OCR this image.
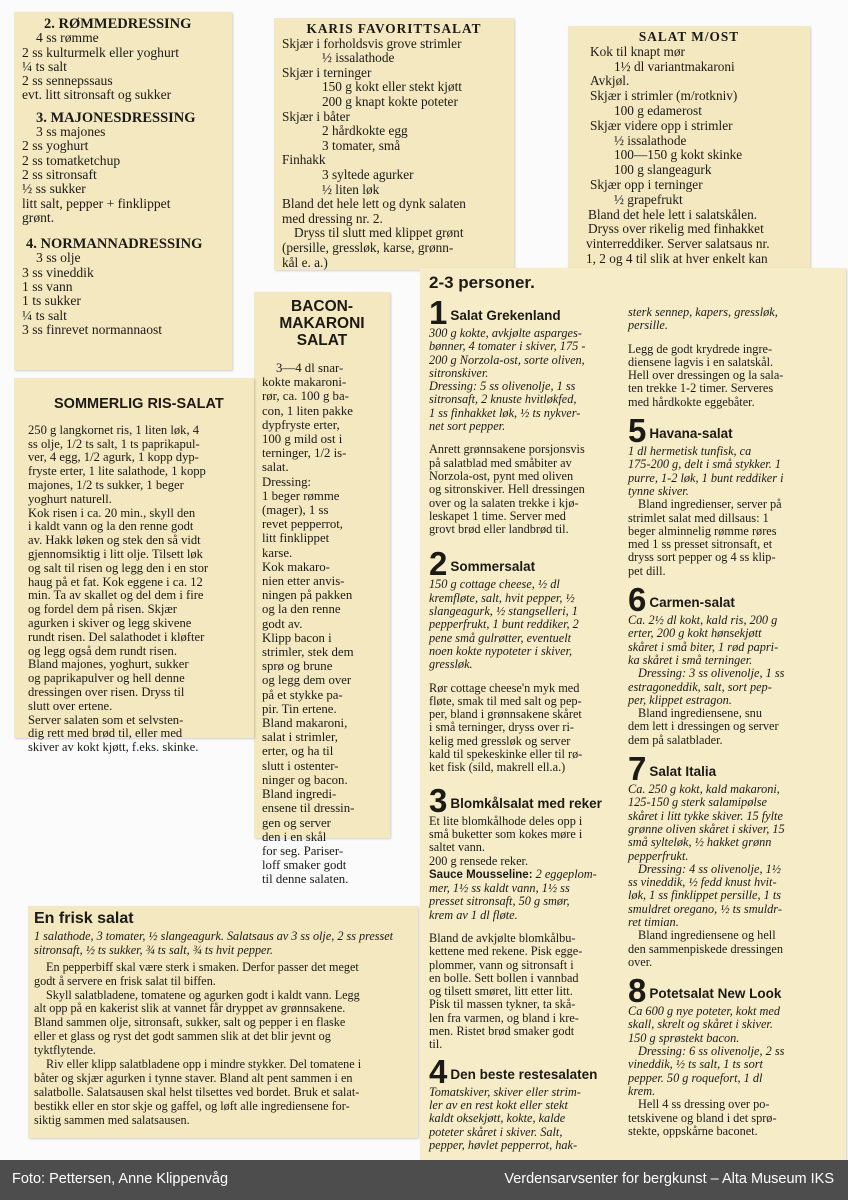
2. RØMMEDRESSING
4 ss rømme
2 ss kulturmelk eller yoghurt
¼ ts salt
2 ss sennepssaus
evt. litt sitronsaft og sukker
3. MAJONESDRESSING
3 ss majones
2 ss yoghurt
2 ss tomatketchup
2 ss sitronsaft
½ ss sukker
litt salt, pepper + finklippet
grønt.
4. NORMANNADRESSING
3 ss olje
3 ss vineddik
1 ss vann
1 ts sukker
¼ ts salt
3 ss finrevet normannaost
KARIS FAVORITTSALAT
Skjær i forholdsvis grove strimler
½ issalathode
Skjær i terninger
150 g kokt eller stekt kjøtt
200 g knapt kokte poteter
Skjær i båter
2 hårdkokte egg
3 tomater, små
Finhakk
3 syltede agurker
½ liten løk
Bland det hele lett og dynk salaten
med dressing nr. 2.
Dryss til slutt med klippet grønt
(persille, gressløk, karse, grønn-
kål e. a.)
SALAT M/OST
Kok til knapt mør
1½ dl variantmakaroni
Avkjøl.
Skjær i strimler (m/rotkniv)
100 g edamerost
Skjær videre opp i strimler
½ issalathode
100—150 g kokt skinke
100 g slangeagurk
Skjær opp i terninger
½ grapefrukt
Bland det hele lett i salatskålen.
Dryss over rikelig med finhakket
vinterreddiker. Server salatsaus nr.
1, 2 og 4 til slik at hver enkelt kan
BACON-
MAKARONI
SALAT
3—4 dl snar-
kokte makaroni-
rør, ca. 100 g ba-
con, 1 liten pakke
dypfryste erter,
100 g mild ost i
terninger, 1/2 is-
salat.
Dressing:
1 beger rømme
(mager), 1 ss
revet pepperrot,
litt finklippet
karse.
Kok makaro-
nien etter anvis-
ningen på pakken
og la den renne
godt av.
Klipp bacon i
strimler, stek dem
sprø og brune
og legg dem over
på et stykke pa-
pir. Tin ertene.
Bland makaroni,
salat i strimler,
erter, og ha til
slutt i ostenter-
ninger og bacon.
Bland ingredi-
ensene til dressin-
gen og server
den i en skål
for seg. Pariser-
loff smaker godt
til denne salaten.
SOMMERLIG RIS-SALAT
250 g langkornet ris, 1 liten løk, 4
ss olje, 1/2 ts salt, 1 ts paprikapul-
ver, 4 egg, 1/2 agurk, 1 kopp dyp-
fryste erter, 1 lite salathode, 1 kopp
majones, 1/2 ts sukker, 1 beger
yoghurt naturell.
Kok risen i ca. 20 min., skyll den
i kaldt vann og la den renne godt
av. Hakk løken og stek den så vidt
gjennomsiktig i litt olje. Tilsett løk
og salt til risen og legg den i en stor
haug på et fat. Kok eggene i ca. 12
min. Ta av skallet og del dem i fire
og fordel dem på risen. Skjær
agurken i skiver og legg skivene
rundt risen. Del salathodet i kløfter
og legg også dem rundt risen.
Bland majones, yoghurt, sukker
og paprikapulver og hell denne
dressingen over risen. Dryss til
slutt over ertene.
Server salaten som et selvsten-
dig rett med brød til, eller med
skiver av kokt kjøtt, f.eks. skinke.
En frisk salat
1 salathode, 3 tomater, ½ slangeagurk. Salatsaus av 3 ss olje, 2 ss presset
sitronsaft, ½ ts sukker, ¾ ts salt, ¾ ts hvit pepper.
En pepperbiff skal være sterk i smaken. Derfor passer det meget
godt å servere en frisk salat til biffen.
Skyll salatbladene, tomatene og agurken godt i kaldt vann. Legg
alt opp på en kakerist slik at vannet får dryppet av grønnsakene.
Bland sammen olje, sitronsaft, sukker, salt og pepper i en flaske
eller et glass og ryst det godt sammen slik at det blir jevnt og
tyktflytende.
Riv eller klipp salatbladene opp i mindre stykker. Del tomatene i
båter og skjær agurken i tynne staver. Bland alt pent sammen i en
salatbolle. Salatsausen skal helst tilsettes ved bordet. Bruk et salat-
bestikk eller en stor skje og gaffel, og løft alle ingrediensene for-
siktig sammen med salatsausen.
2-3 personer.
1 Salat Grekenland
300 g kokte, avkjølte asparges-
bønner, 4 tomater i skiver, 175 -
200 g Norzola-ost, sorte oliven,
sitronskiver.
Dressing: 5 ss olivenolje, 1 ss
sitronsaft, 2 knuste hvitløkfed,
1 ss finhakket løk, ½ ts nykver-
net sort pepper.
Anrett grønnsakene porsjonsvis
på salatblad med småbiter av
Norzola-ost, pynt med oliven
og sitronskiver. Hell dressingen
over og la salaten trekke i kjø-
leskapet 1 time. Server med
grovt brød eller landbrød til.
2 Sommersalat
150 g cottage cheese, ½ dl
kremfløte, salt, hvit pepper, ½
slangeagurk, ½ stangselleri, 1
pepperfrukt, 1 bunt reddiker, 2
pene små gulrøtter, eventuelt
noen kokte nypoteter i skiver,
gressløk.
Rør cottage cheese'n myk med
fløte, smak til med salt og pep-
per, bland i grønnsakene skåret
i små terninger, dryss over ri-
kelig med gressløk og server
kald til spekeskinke eller til rø-
ket fisk (sild, makrell ell.a.)
3 Blomkålsalat med reker
Et lite blomkålhode deles opp i
små buketter som kokes møre i
saltet vann.
200 g rensede reker.
Sauce Mousseline: 2 eggeplom-
mer, 1½ ss kaldt vann, 1½ ss
presset sitronsaft, 50 g smør,
krem av 1 dl fløte.
Bland de avkjølte blomkålbu-
kettene med rekene. Pisk egge-
plommer, vann og sitronsaft i
en bolle. Sett bollen i vannbad
og tilsett smøret, litt etter litt.
Pisk til massen tykner, ta skå-
len fra varmen, og bland i kre-
men. Ristet brød smaker godt
til.
4 Den beste restesalaten
Tomatskiver, skiver eller strim-
ler av en rest kokt eller stekt
kaldt oksekjøtt, kokte, kalde
poteter skåret i skiver. Salt,
pepper, høvlet pepperrot, hak-
sterk sennep, kapers, gressløk,
persille.
Legg de godt krydrede ingre-
diensene lagvis i en salatskål.
Hell over dressingen og la sala-
ten trekke 1-2 timer. Serveres
med hårdkokte eggebåter.
5 Havana-salat
1 dl hermetisk tunfisk, ca
175-200 g, delt i små stykker. 1
purre, 1-2 løk, 1 bunt reddiker i
tynne skiver.
Bland ingredienser, server på
strimlet salat med dillsaus: 1
beger alminnelig rømme røres
med 1 ss presset sitronsaft, et
dryss sort pepper og 4 ss klip-
pet dill.
6 Carmen-salat
Ca. 2½ dl kokt, kald ris, 200 g
erter, 200 g kokt hønsekjøtt
skåret i små biter, 1 rød papri-
ka skåret i små terninger.
Dressing: 3 ss olivenolje, 1 ss
estragoneddik, salt, sort pep-
per, klippet estragon.
Bland ingrediensene, snu
dem lett i dressingen og server
dem på salatblader.
7 Salat Italia
Ca. 250 g kokt, kald makaroni,
125-150 g sterk salamipølse
skåret i litt tykke skiver. 15 fylte
grønne oliven skåret i skiver, 15
små sylteløk, ½ hakket grønn
pepperfrukt.
Dressing: 4 ss olivenolje, 1½
ss vineddik, ½ fedd knust hvit-
løk, 1 ss finklippet persille, 1 ts
smuldret oregano, ½ ts smuldr-
ret timian.
Bland ingrediensene og hell
den sammenpiskede dressingen
over.
8 Potetsalat New Look
Ca 600 g nye poteter, kokt med
skall, skrelt og skåret i skiver.
150 g sprøstekt bacon.
Dressing: 6 ss olivenolje, 2 ss
vineddik, ½ ts salt, 1 ts sort
pepper. 50 g roquefort, 1 dl
krem.
Hell 4 ss dressing over po-
tetskivene og bland i det sprø-
stekte, oppskårne baconet.
Foto: Pettersen, Anne Klippenvåg	Verdensarvsenter for bergkunst – Alta Museum IKS
